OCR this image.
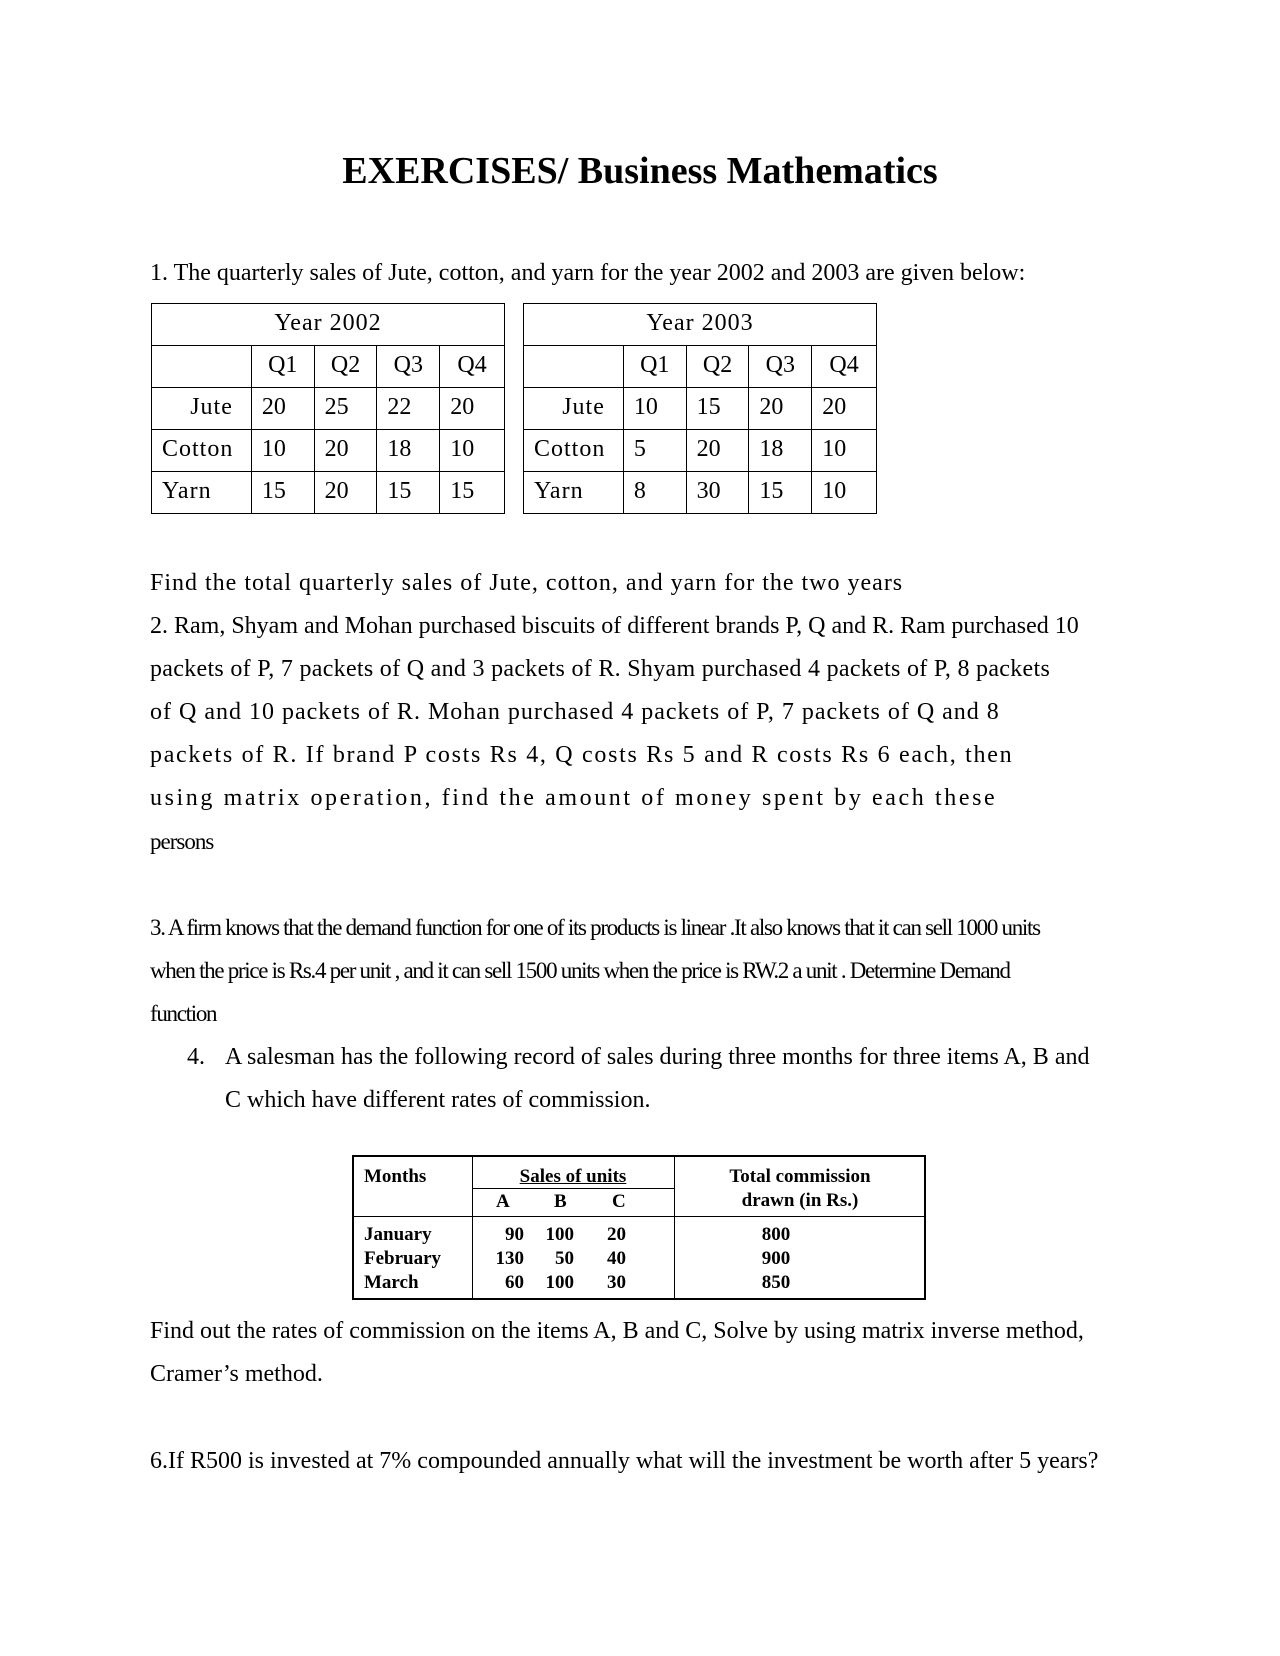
EXERCISES/ Business Mathematics
1. The quarterly sales of Jute, cotton, and yarn for the year 2002 and 2003 are given below:
Year 2002				
	Q1	Q2	Q3	Q4
Jute	20	25	22	20
Cotton	10	20	18	10
Yarn	15	20	15	15
Year 2003				
	Q1	Q2	Q3	Q4
Jute	10	15	20	20
Cotton	5	20	18	10
Yarn	8	30	15	10
Find the total quarterly sales of Jute, cotton, and yarn for the two years
2. Ram, Shyam and Mohan purchased biscuits of different brands P, Q and R. Ram purchased 10
packets of P, 7 packets of Q and 3 packets of R. Shyam purchased 4 packets of P, 8 packets
of Q and 10 packets of R. Mohan purchased 4 packets of P, 7 packets of Q and 8
packets of R. If brand P costs Rs 4, Q costs Rs 5 and R costs Rs 6 each, then
using matrix operation, find the amount of money spent by each these
persons
3. A firm knows that the demand function for one of its products is linear .It also knows that it can sell 1000 units
when the price is Rs.4 per unit , and it can sell 1500 units when the price is RW.2 a unit . Determine Demand
function
4. A salesman has the following record of sales during three months for three items A, B and
C which have different rates of commission.
Months	Sales of units
A B C
Total commission
drawn (in Rs.)
January	90	100	20	800
February	130	50	40	900
March	60	100	30	850
Find out the rates of commission on the items A, B and C, Solve by using matrix inverse method,
Cramer’s method.
6.If R500 is invested at 7% compounded annually what will the investment be worth after 5 years?
